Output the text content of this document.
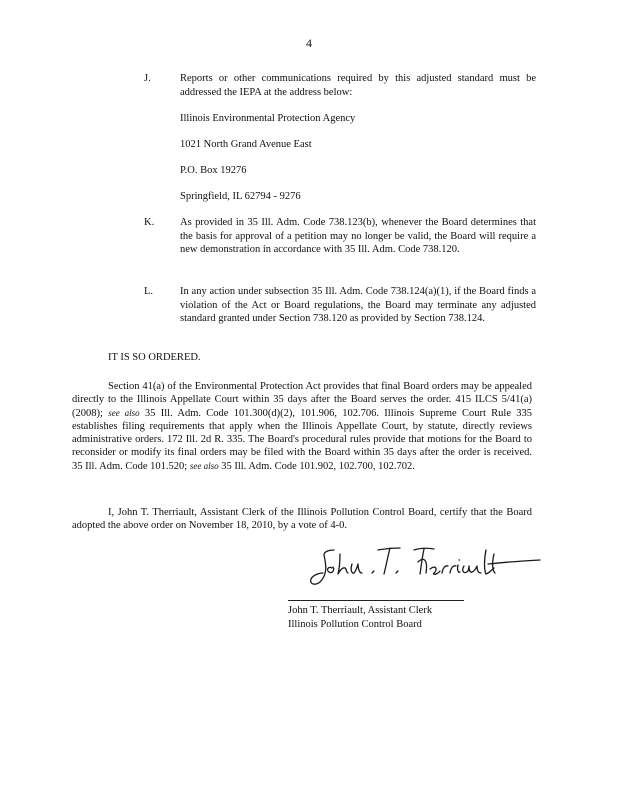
4
J.	Reports or other communications required by this adjusted standard must be addressed the IEPA at the address below:
Illinois Environmental Protection Agency
1021 North Grand Avenue East
P.O. Box 19276
Springfield, IL 62794 - 9276
K. As provided in 35 Ill. Adm. Code 738.123(b), whenever the Board determines that the basis for approval of a petition may no longer be valid, the Board will require a new demonstration in accordance with 35 Ill. Adm. Code 738.120.
L.	In any action under subsection 35 Ill. Adm. Code 738.124(a)(1), if the Board finds a violation of the Act or Board regulations, the Board may terminate any adjusted standard granted under Section 738.120 as provided by Section 738.124.
IT IS SO ORDERED.
Section 41(a) of the Environmental Protection Act provides that final Board orders may be appealed directly to the Illinois Appellate Court within 35 days after the Board serves the order. 415 ILCS 5/41(a) (2008); see also 35 Ill. Adm. Code 101.300(d)(2), 101.906, 102.706. Illinois Supreme Court Rule 335 establishes filing requirements that apply when the Illinois Appellate Court, by statute, directly reviews administrative orders. 172 Ill. 2d R. 335. The Board's procedural rules provide that motions for the Board to reconsider or modify its final orders may be filed with the Board within 35 days after the order is received. 35 Ill. Adm. Code 101.520; see also 35 Ill. Adm. Code 101.902, 102.700, 102.702.
I, John T. Therriault, Assistant Clerk of the Illinois Pollution Control Board, certify that the Board adopted the above order on November 18, 2010, by a vote of 4-0.
John T. Therriault, Assistant Clerk
Illinois Pollution Control Board
